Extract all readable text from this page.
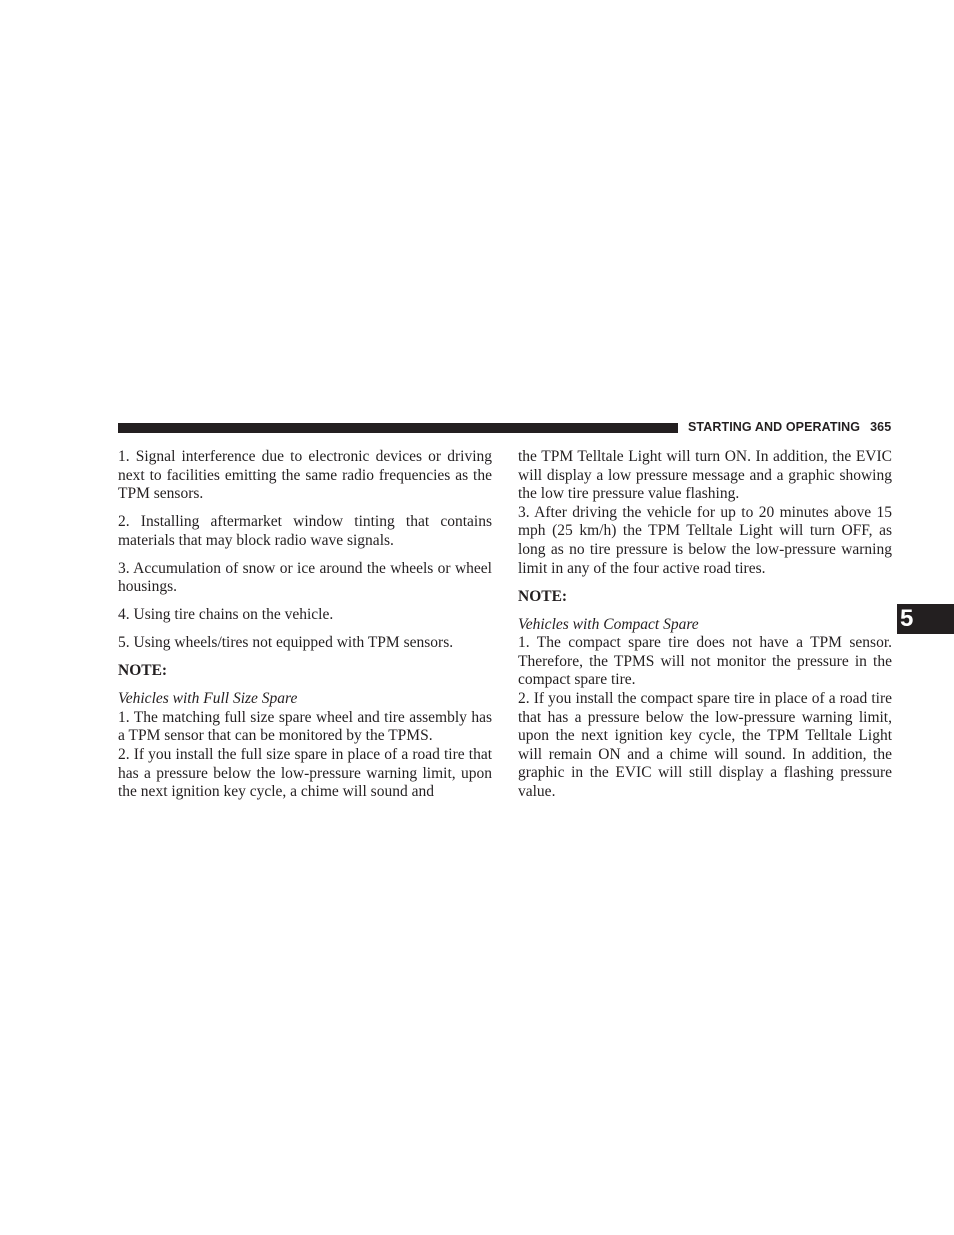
STARTING AND OPERATING 365

1. Signal interference due to electronic devices or driving next to facilities emitting the same radio frequencies as the TPM sensors.

2. Installing aftermarket window tinting that contains materials that may block radio wave signals.

3. Accumulation of snow or ice around the wheels or wheel housings.

4. Using tire chains on the vehicle.

5. Using wheels/tires not equipped with TPM sensors.

NOTE:

Vehicles with Full Size Spare

1. The matching full size spare wheel and tire assembly has a TPM sensor that can be monitored by the TPMS.

2. If you install the full size spare in place of a road tire that has a pressure below the low-pressure warning limit, upon the next ignition key cycle, a chime will sound and

the TPM Telltale Light will turn ON. In addition, the EVIC will display a low pressure message and a graphic showing the low tire pressure value flashing.

3. After driving the vehicle for up to 20 minutes above 15 mph (25 km/h) the TPM Telltale Light will turn OFF, as long as no tire pressure is below the low-pressure warning limit in any of the four active road tires.

NOTE:

Vehicles with Compact Spare

1. The compact spare tire does not have a TPM sensor. Therefore, the TPMS will not monitor the pressure in the compact spare tire.

2. If you install the compact spare tire in place of a road tire that has a pressure below the low-pressure warning limit, upon the next ignition key cycle, the TPM Telltale Light will remain ON and a chime will sound. In addition, the graphic in the EVIC will still display a flashing pressure value.

5
